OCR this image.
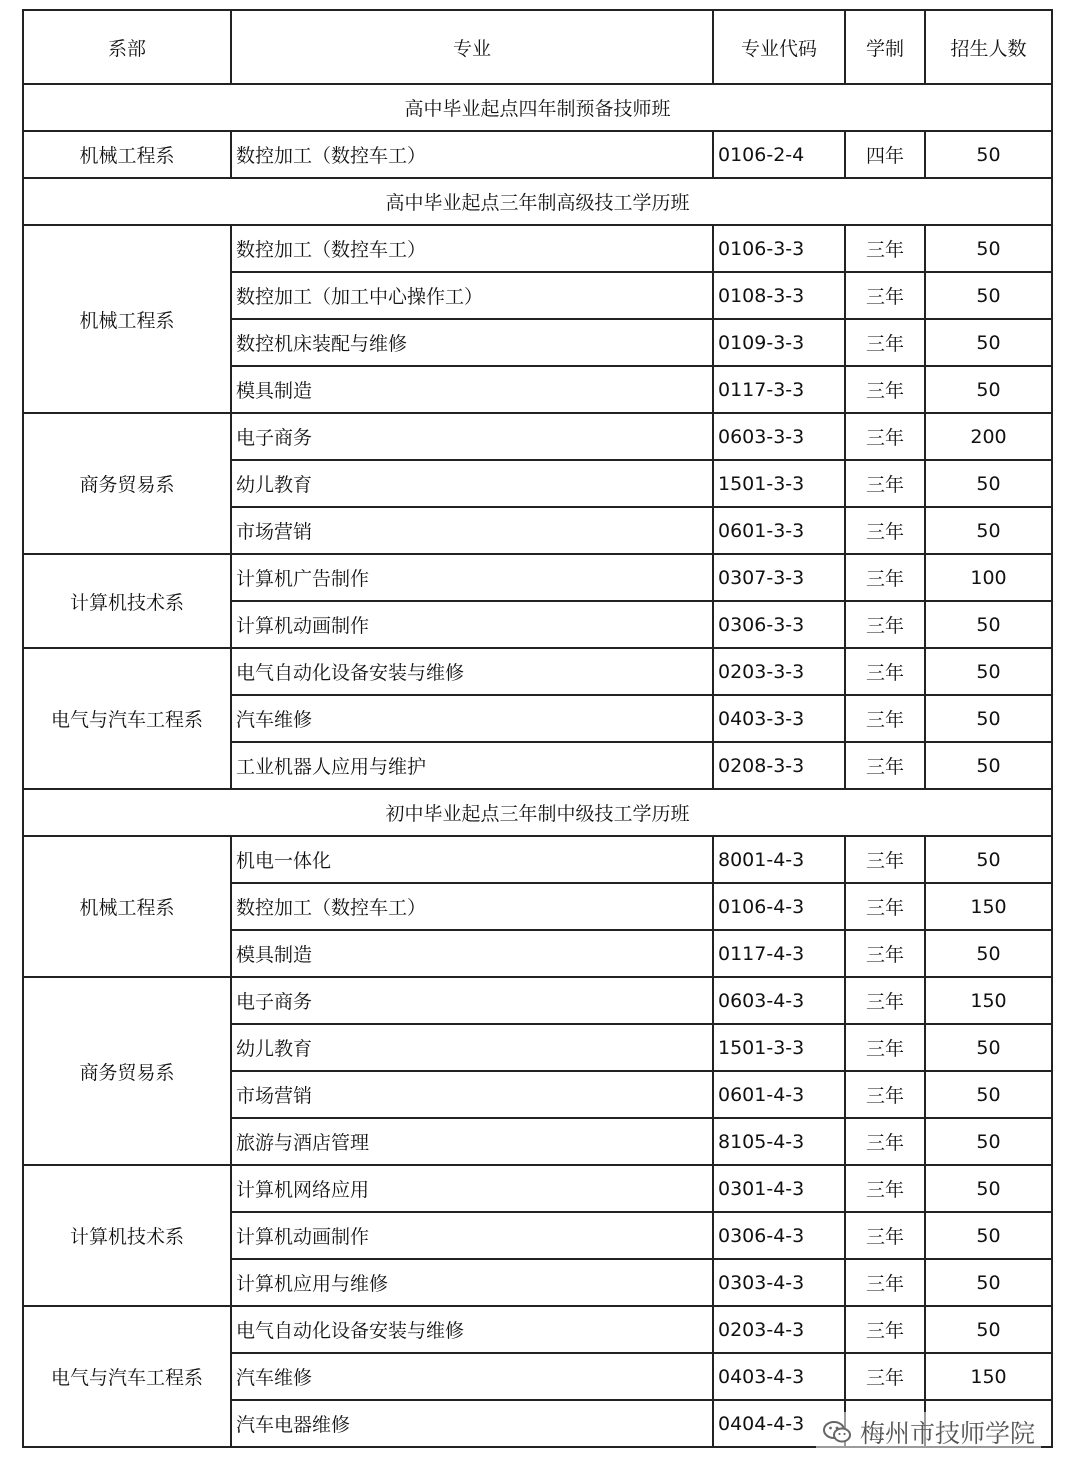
系部	专业	专业代码	学制	招生人数
高中毕业起点四年制预备技师班				
机械工程系	数控加工（数控车工）	0106-2-4	四年	50
高中毕业起点三年制高级技工学历班				
机械工程系	数控加工（数控车工）	0106-3-3	三年	50
	数控加工（加工中心操作工）	0108-3-3	三年	50
	数控机床装配与维修	0109-3-3	三年	50
	模具制造	0117-3-3	三年	50
商务贸易系	电子商务	0603-3-3	三年	200
	幼儿教育	1501-3-3	三年	50
	市场营销	0601-3-3	三年	50
计算机技术系	计算机广告制作	0307-3-3	三年	100
	计算机动画制作	0306-3-3	三年	50
电气与汽车工程系	电气自动化设备安装与维修	0203-3-3	三年	50
	汽车维修	0403-3-3	三年	50
	工业机器人应用与维护	0208-3-3	三年	50
初中毕业起点三年制中级技工学历班				
机械工程系	机电一体化	8001-4-3	三年	50
	数控加工（数控车工）	0106-4-3	三年	150
	模具制造	0117-4-3	三年	50
商务贸易系	电子商务	0603-4-3	三年	150
	幼儿教育	1501-3-3	三年	50
	市场营销	0601-4-3	三年	50
	旅游与酒店管理	8105-4-3	三年	50
计算机技术系	计算机网络应用	0301-4-3	三年	50
	计算机动画制作	0306-4-3	三年	50
	计算机应用与维修	0303-4-3	三年	50
电气与汽车工程系	电气自动化设备安装与维修	0203-4-3	三年	50
	汽车维修	0403-4-3	三年	150
	汽车电器维修	0404-4-3		梅州市技师学院
